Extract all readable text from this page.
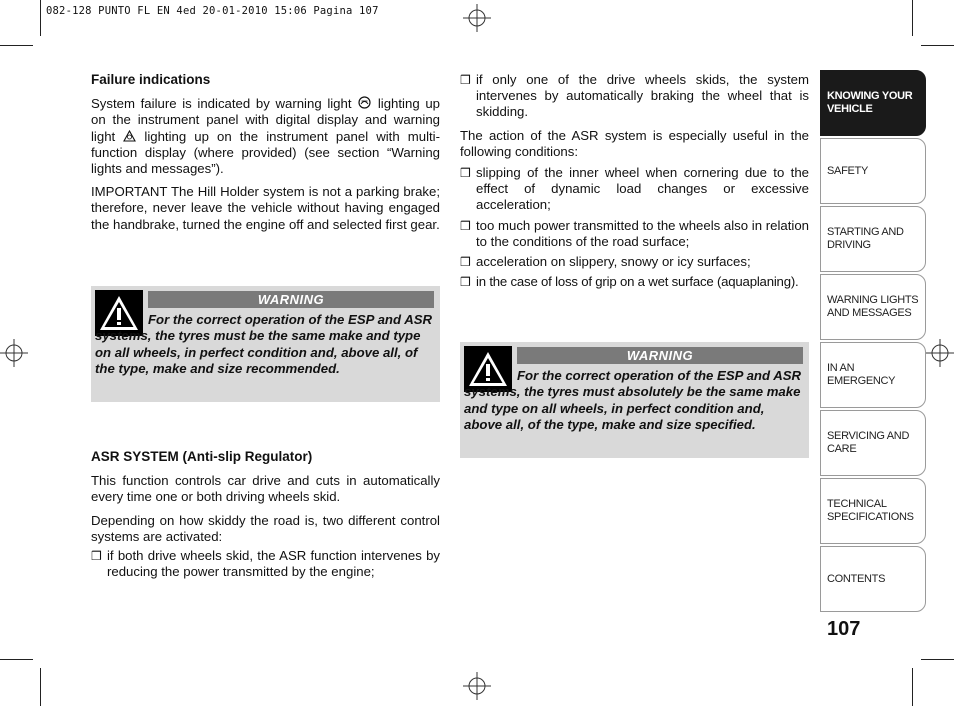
082-128 PUNTO FL EN 4ed 20-01-2010 15:06 Pagina 107
Failure indications

System failure is indicated by warning light lighting up on the instrument panel with digital display and warning light lighting up on the instrument panel with multi-function display (where provided) (see section “Warning lights and messages”).

IMPORTANT The Hill Holder system is not a parking brake; therefore, never leave the vehicle without having engaged the handbrake, turned the engine off and selected first gear.

WARNING
For the correct operation of the ESP and ASR systems, the tyres must be the same make and type on all wheels, in perfect condition and, above all, of the type, make and size recommended.
ASR SYSTEM (Anti-slip Regulator)

This function controls car drive and cuts in automatically every time one or both driving wheels skid.

Depending on how skiddy the road is, two different control systems are activated:

❒ if both drive wheels skid, the ASR function intervenes by reducing the power transmitted by the engine;
❒ if only one of the drive wheels skids, the system intervenes by automatically braking the wheel that is skidding.

The action of the ASR system is especially useful in the following conditions:

❒ slipping of the inner wheel when cornering due to the effect of dynamic load changes or excessive acceleration;
❒ too much power transmitted to the wheels also in relation to the conditions of the road surface;
❒ acceleration on slippery, snowy or icy surfaces;
❒ in the case of loss of grip on a wet surface (aquaplaning).
WARNING
For the correct operation of the ESP and ASR systems, the tyres must absolutely be the same make and type on all wheels, in perfect condition and, above all, of the type, make and size specified.
KNOWING YOUR VEHICLE
SAFETY
STARTING AND DRIVING
WARNING LIGHTS AND MESSAGES
IN AN EMERGENCY
SERVICING AND CARE
TECHNICAL SPECIFICATIONS
CONTENTS
107
